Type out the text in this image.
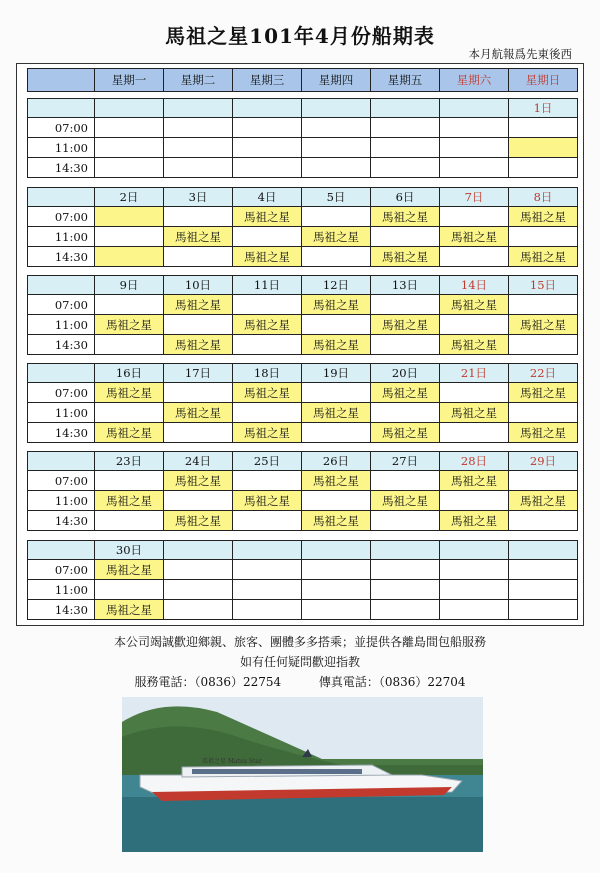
馬祖之星101年4月份船期表
本月航報爲先東後西
	星期一	星期二	星期三	星期四	星期五	星期六	星期日
							1日
07:00							
11:00							
14:30							
	2日	3日	4日	5日	6日	7日	8日
07:00			馬祖之星		馬祖之星		馬祖之星
11:00		馬祖之星		馬祖之星		馬祖之星	
14:30			馬祖之星		馬祖之星		馬祖之星
	9日	10日	11日	12日	13日	14日	15日
07:00		馬祖之星		馬祖之星		馬祖之星	
11:00	馬祖之星		馬祖之星		馬祖之星		馬祖之星
14:30		馬祖之星		馬祖之星		馬祖之星	
	16日	17日	18日	19日	20日	21日	22日
07:00	馬祖之星		馬祖之星		馬祖之星		馬祖之星
11:00		馬祖之星		馬祖之星		馬祖之星	
14:30	馬祖之星		馬祖之星		馬祖之星		馬祖之星
	23日	24日	25日	26日	27日	28日	29日
07:00		馬祖之星		馬祖之星		馬祖之星	
11:00	馬祖之星		馬祖之星		馬祖之星		馬祖之星
14:30		馬祖之星		馬祖之星		馬祖之星	
	30日						
07:00	馬祖之星						
11:00							
14:30	馬祖之星						
本公司竭誠歡迎鄉親、旅客、團體多多搭乘；並提供各離島間包船服務
如有任何疑問歡迎指教
服務電話：（0836）22754	傳真電話：（0836）22704
馬祖之星 Matsu Star
